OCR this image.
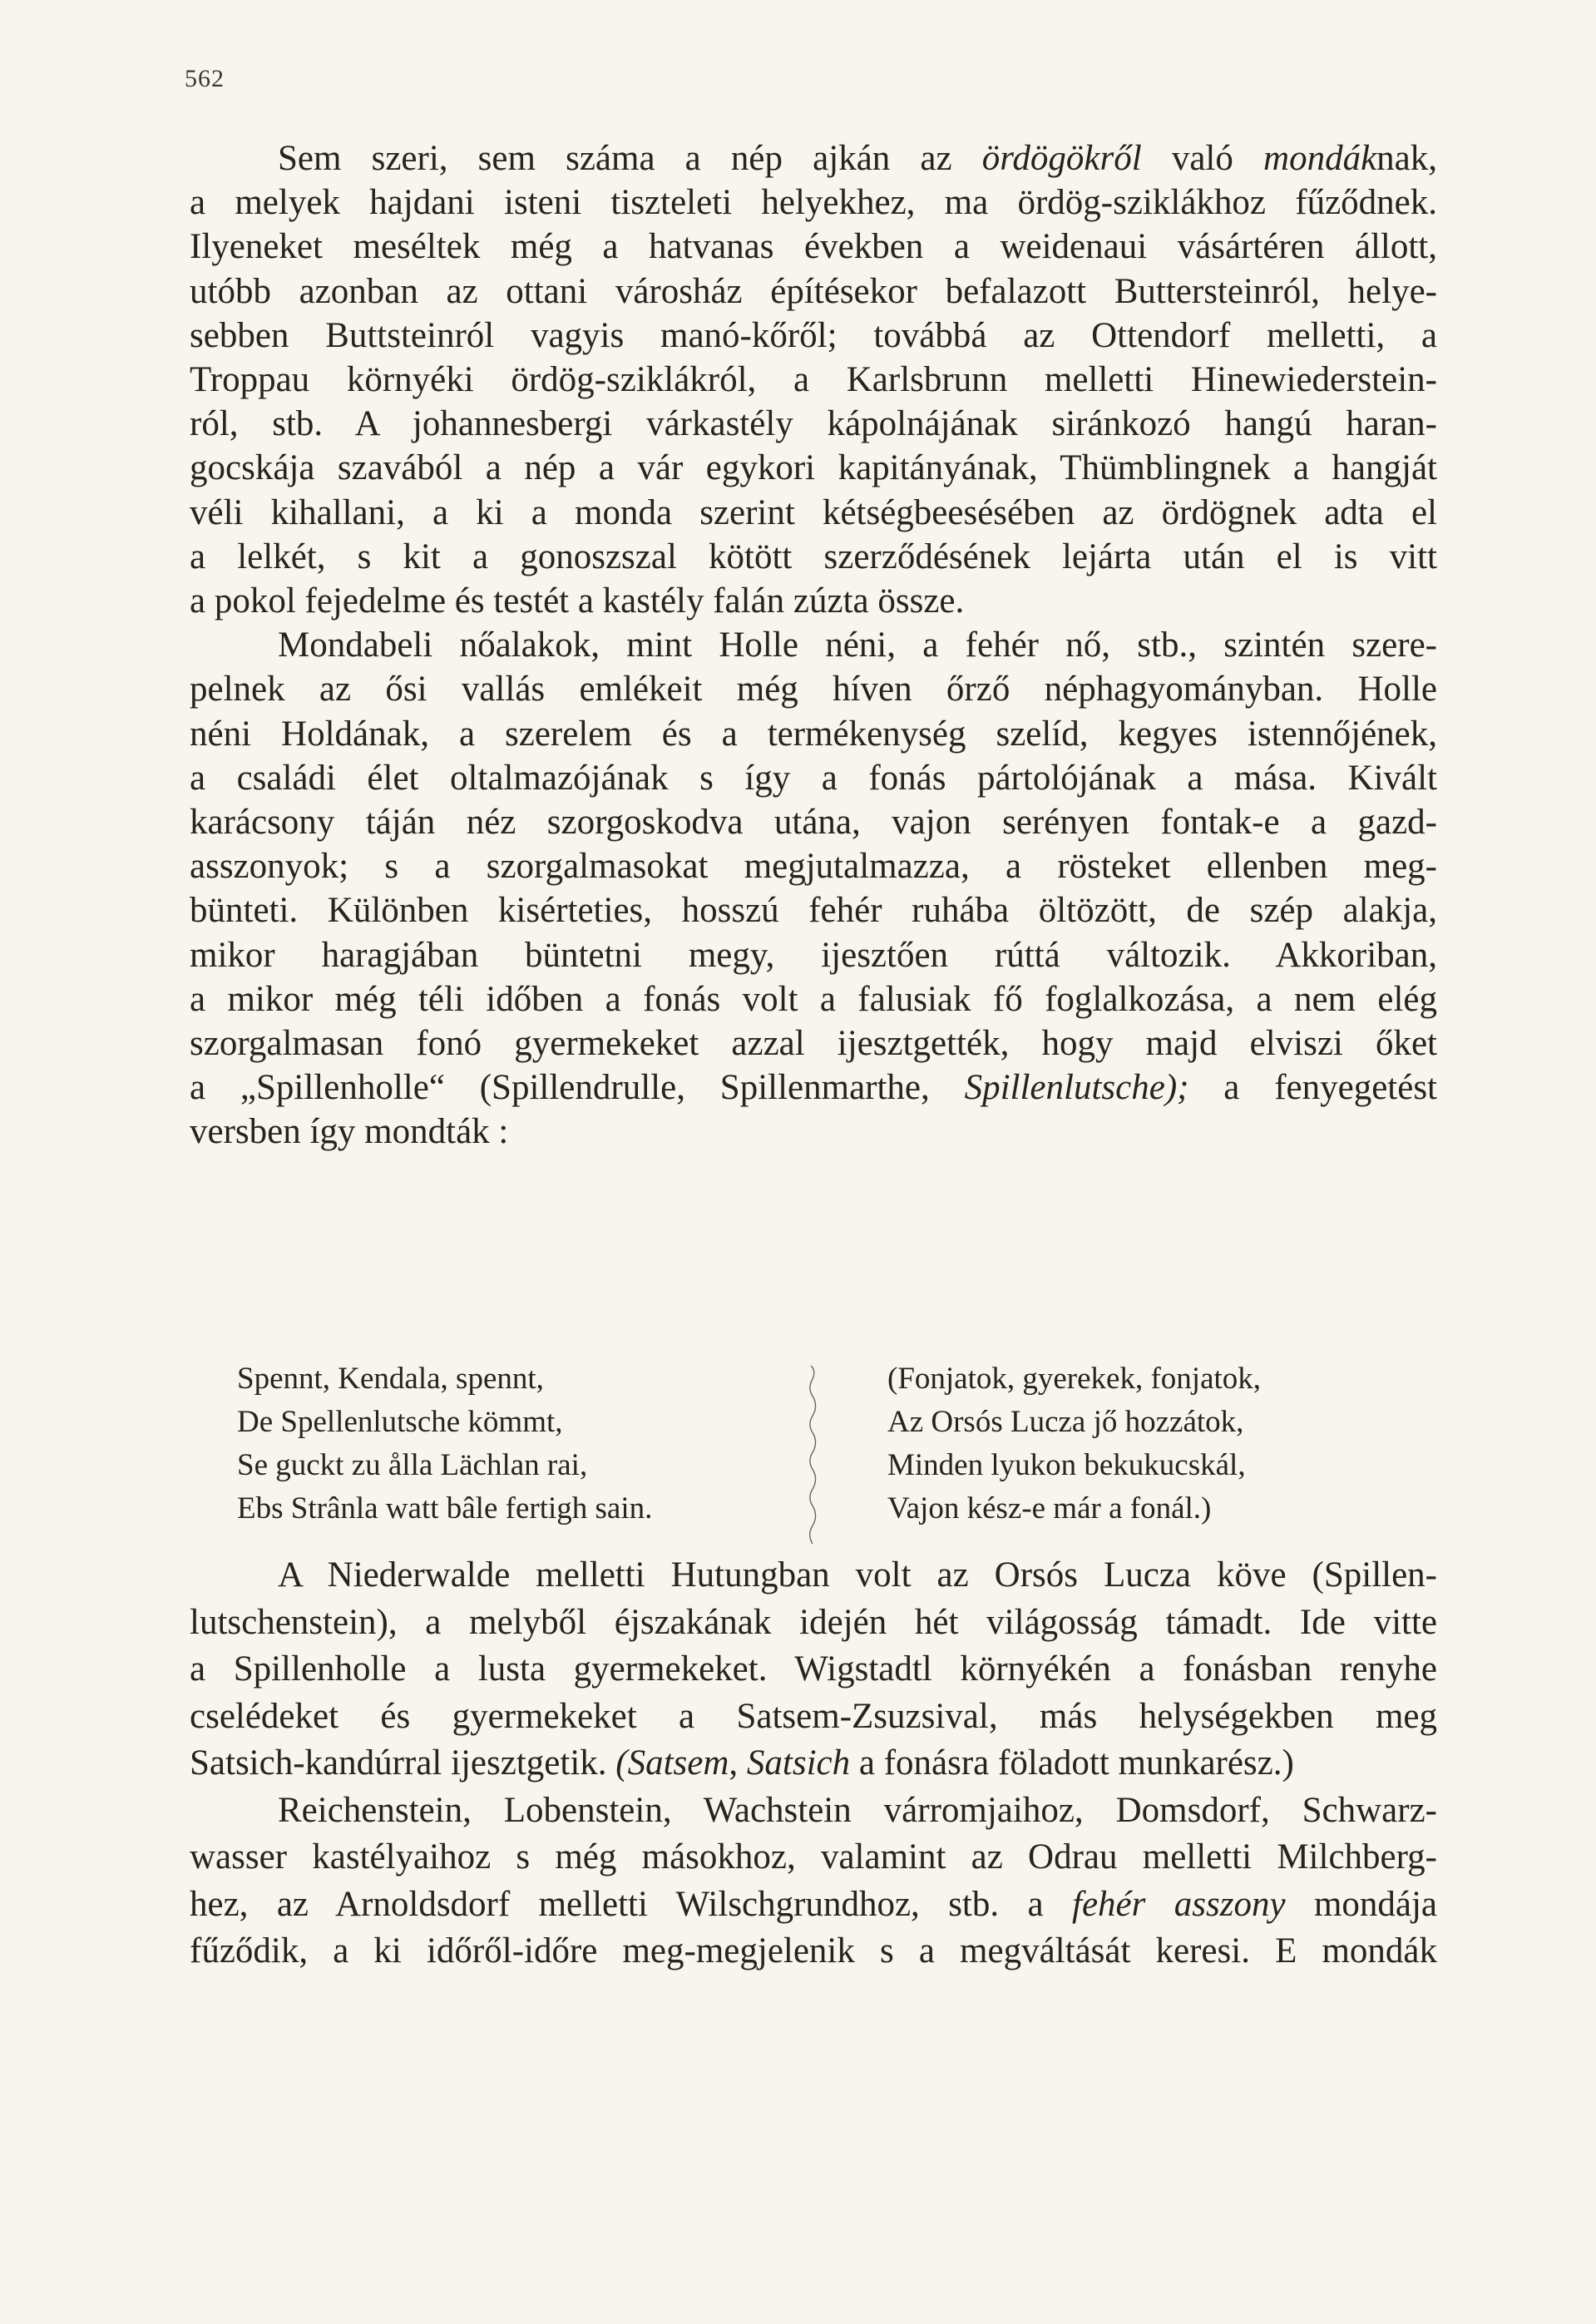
562
Sem szeri, sem száma a nép ajkán az ördögökről való mondáknak,
a melyek hajdani isteni tiszteleti helyekhez, ma ördög-sziklákhoz fűződnek.
Ilyeneket meséltek még a hatvanas években a weidenaui vásártéren állott,
utóbb azonban az ottani városház építésekor befalazott Buttersteinról, helye-
sebben Buttsteinról vagyis manó-kőről; továbbá az Ottendorf melletti, a
Troppau környéki ördög-sziklákról, a Karlsbrunn melletti Hinewiederstein-
ról, stb. A johannesbergi várkastély kápolnájának siránkozó hangú haran-
gocskája szavából a nép a vár egykori kapitányának, Thümblingnek a hangját
véli kihallani, a ki a monda szerint kétségbeesésében az ördögnek adta el
a lelkét, s kit a gonoszszal kötött szerződésének lejárta után el is vitt
a pokol fejedelme és testét a kastély falán zúzta össze.
Mondabeli nőalakok, mint Holle néni, a fehér nő, stb., szintén szere-
pelnek az ősi vallás emlékeit még híven őrző néphagyományban. Holle
néni Holdának, a szerelem és a termékenység szelíd, kegyes istennőjének,
a családi élet oltalmazójának s így a fonás pártolójának a mása. Kivált
karácsony táján néz szorgoskodva utána, vajon serényen fontak-e a gazd-
asszonyok; s a szorgalmasokat megjutalmazza, a rösteket ellenben meg-
bünteti. Különben kisérteties, hosszú fehér ruhába öltözött, de szép alakja,
mikor haragjában büntetni megy, ijesztően rúttá változik. Akkoriban,
a mikor még téli időben a fonás volt a falusiak fő foglalkozása, a nem elég
szorgalmasan fonó gyermekeket azzal ijesztgették, hogy majd elviszi őket
a „Spillenholle“ (Spillendrulle, Spillenmarthe, Spillenlutsche); a fenyegetést
versben így mondták :
Spennt, Kendala, spennt,
De Spellenlutsche kömmt,
Se guckt zu ålla Lächlan rai,
Ebs Strânla watt bâle fertigh sain.
(Fonjatok, gyerekek, fonjatok,
Az Orsós Lucza jő hozzátok,
Minden lyukon bekukucskál,
Vajon kész-e már a fonál.)
A Niederwalde melletti Hutungban volt az Orsós Lucza köve (Spillen-
lutschenstein), a melyből éjszakának idején hét világosság támadt. Ide vitte
a Spillenholle a lusta gyermekeket. Wigstadtl környékén a fonásban renyhe
cselédeket és gyermekeket a Satsem-Zsuzsival, más helységekben meg
Satsich-kandúrral ijesztgetik. (Satsem, Satsich a fonásra föladott munkarész.)
Reichenstein, Lobenstein, Wachstein várromjaihoz, Domsdorf, Schwarz-
wasser kastélyaihoz s még másokhoz, valamint az Odrau melletti Milchberg-
hez, az Arnoldsdorf melletti Wilschgrundhoz, stb. a fehér asszony mondája
fűződik, a ki időről-időre meg-megjelenik s a megváltását keresi. E mondák
